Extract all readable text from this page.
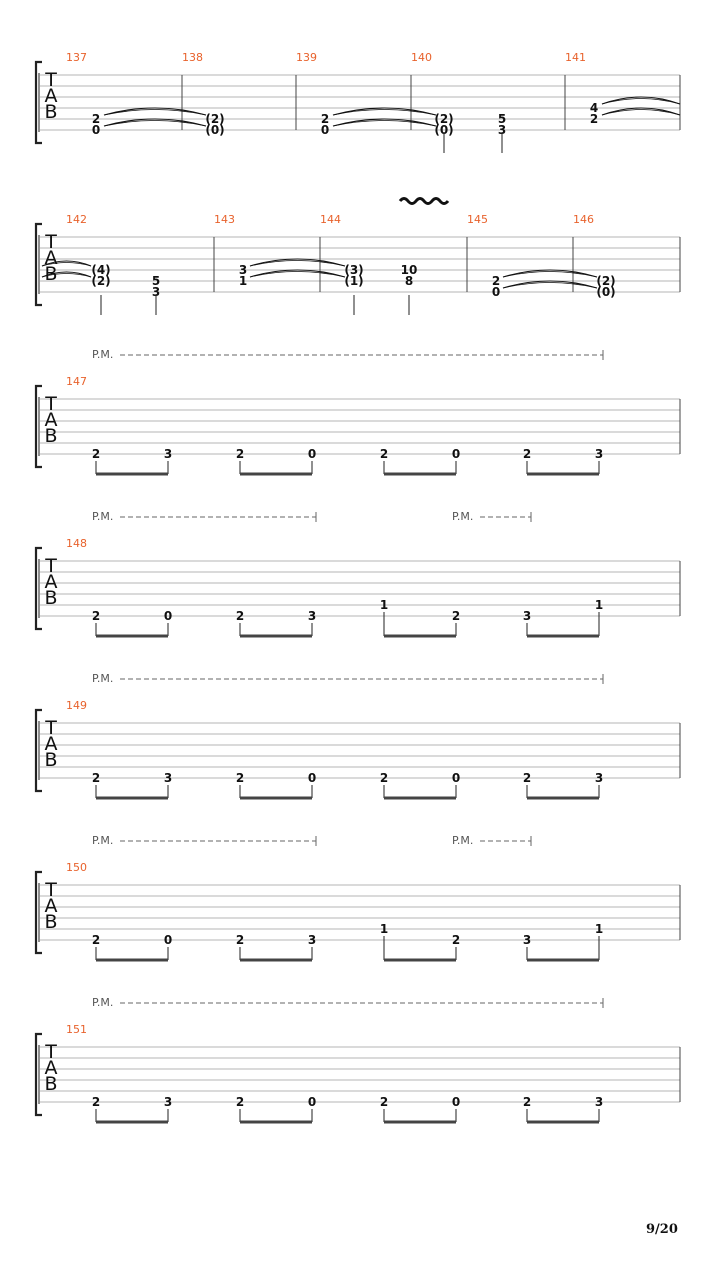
T
A
B
137	138	139	140	141
2
0
(2)
(0)
2
0
(2)
(0)
5
3
4
2
T
A
B
142	143	144	145	146
(4)
(2)	5
3
3
1
(3)
(1)
10
8	2
0
(2)
(0)
T
A
B
147
P.M.
2	3	2	0	2	0	2	3
T
A
B
148
P.M.	P.M.
2	0	2	3
1
2	3
1
T
A
B
149
P.M.
2	3	2	0	2	0	2	3
T
A
B
150
P.M.	P.M.
2	0	2	3
1
2	3
1
T
A
B
151
P.M.
2	3	2	0	2	0	2	3
9/20
